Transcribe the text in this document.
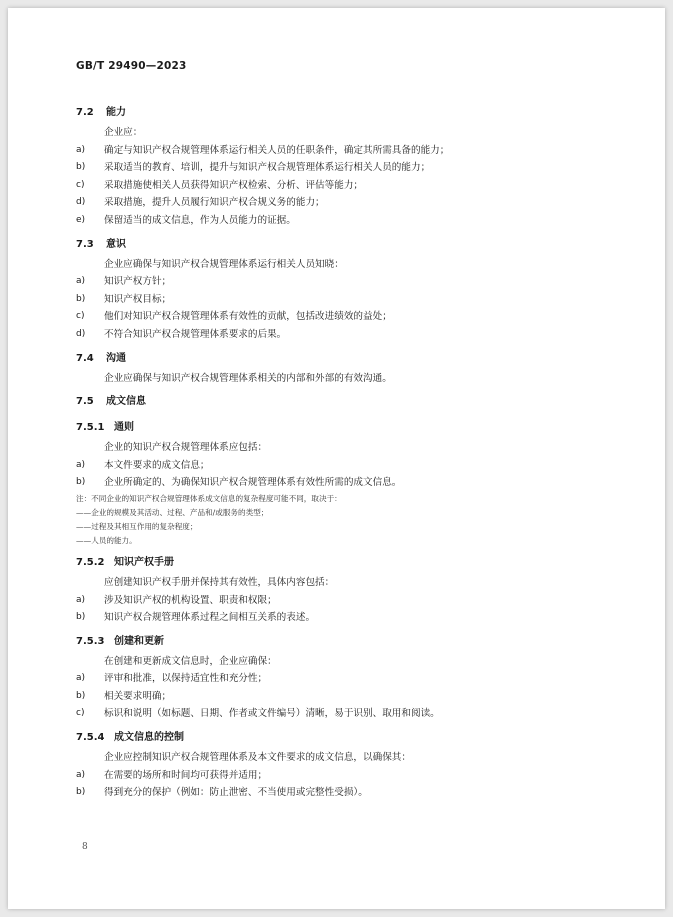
GB/T 29490—2023
7.2	能力
企业应：
a)	确定与知识产权合规管理体系运行相关人员的任职条件，确定其所需具备的能力；
b)	采取适当的教育、培训，提升与知识产权合规管理体系运行相关人员的能力；
c)	采取措施使相关人员获得知识产权检索、分析、评估等能力；
d)	采取措施，提升人员履行知识产权合规义务的能力；
e)	保留适当的成文信息，作为人员能力的证据。
7.3	意识
企业应确保与知识产权合规管理体系运行相关人员知晓：
a)	知识产权方针；
b)	知识产权目标；
c)	他们对知识产权合规管理体系有效性的贡献，包括改进绩效的益处；
d)	不符合知识产权合规管理体系要求的后果。
7.4	沟通
企业应确保与知识产权合规管理体系相关的内部和外部的有效沟通。
7.5	成文信息
7.5.1 通则
企业的知识产权合规管理体系应包括：
a)	本文件要求的成文信息；
b)	企业所确定的、为确保知识产权合规管理体系有效性所需的成文信息。
注：不同企业的知识产权合规管理体系成文信息的复杂程度可能不同，取决于：
——企业的规模及其活动、过程、产品和/或服务的类型；
——过程及其相互作用的复杂程度；
——人员的能力。
7.5.2 知识产权手册
应创建知识产权手册并保持其有效性，具体内容包括：
a)	涉及知识产权的机构设置、职责和权限；
b)	知识产权合规管理体系过程之间相互关系的表述。
7.5.3 创建和更新
在创建和更新成文信息时，企业应确保：
a)	评审和批准，以保持适宜性和充分性；
b)	相关要求明确；
c)	标识和说明（如标题、日期、作者或文件编号）清晰，易于识别、取用和阅读。
7.5.4 成文信息的控制
企业应控制知识产权合规管理体系及本文件要求的成文信息，以确保其：
a)	在需要的场所和时间均可获得并适用；
b)	得到充分的保护（例如：防止泄密、不当使用或完整性受损）。
8
